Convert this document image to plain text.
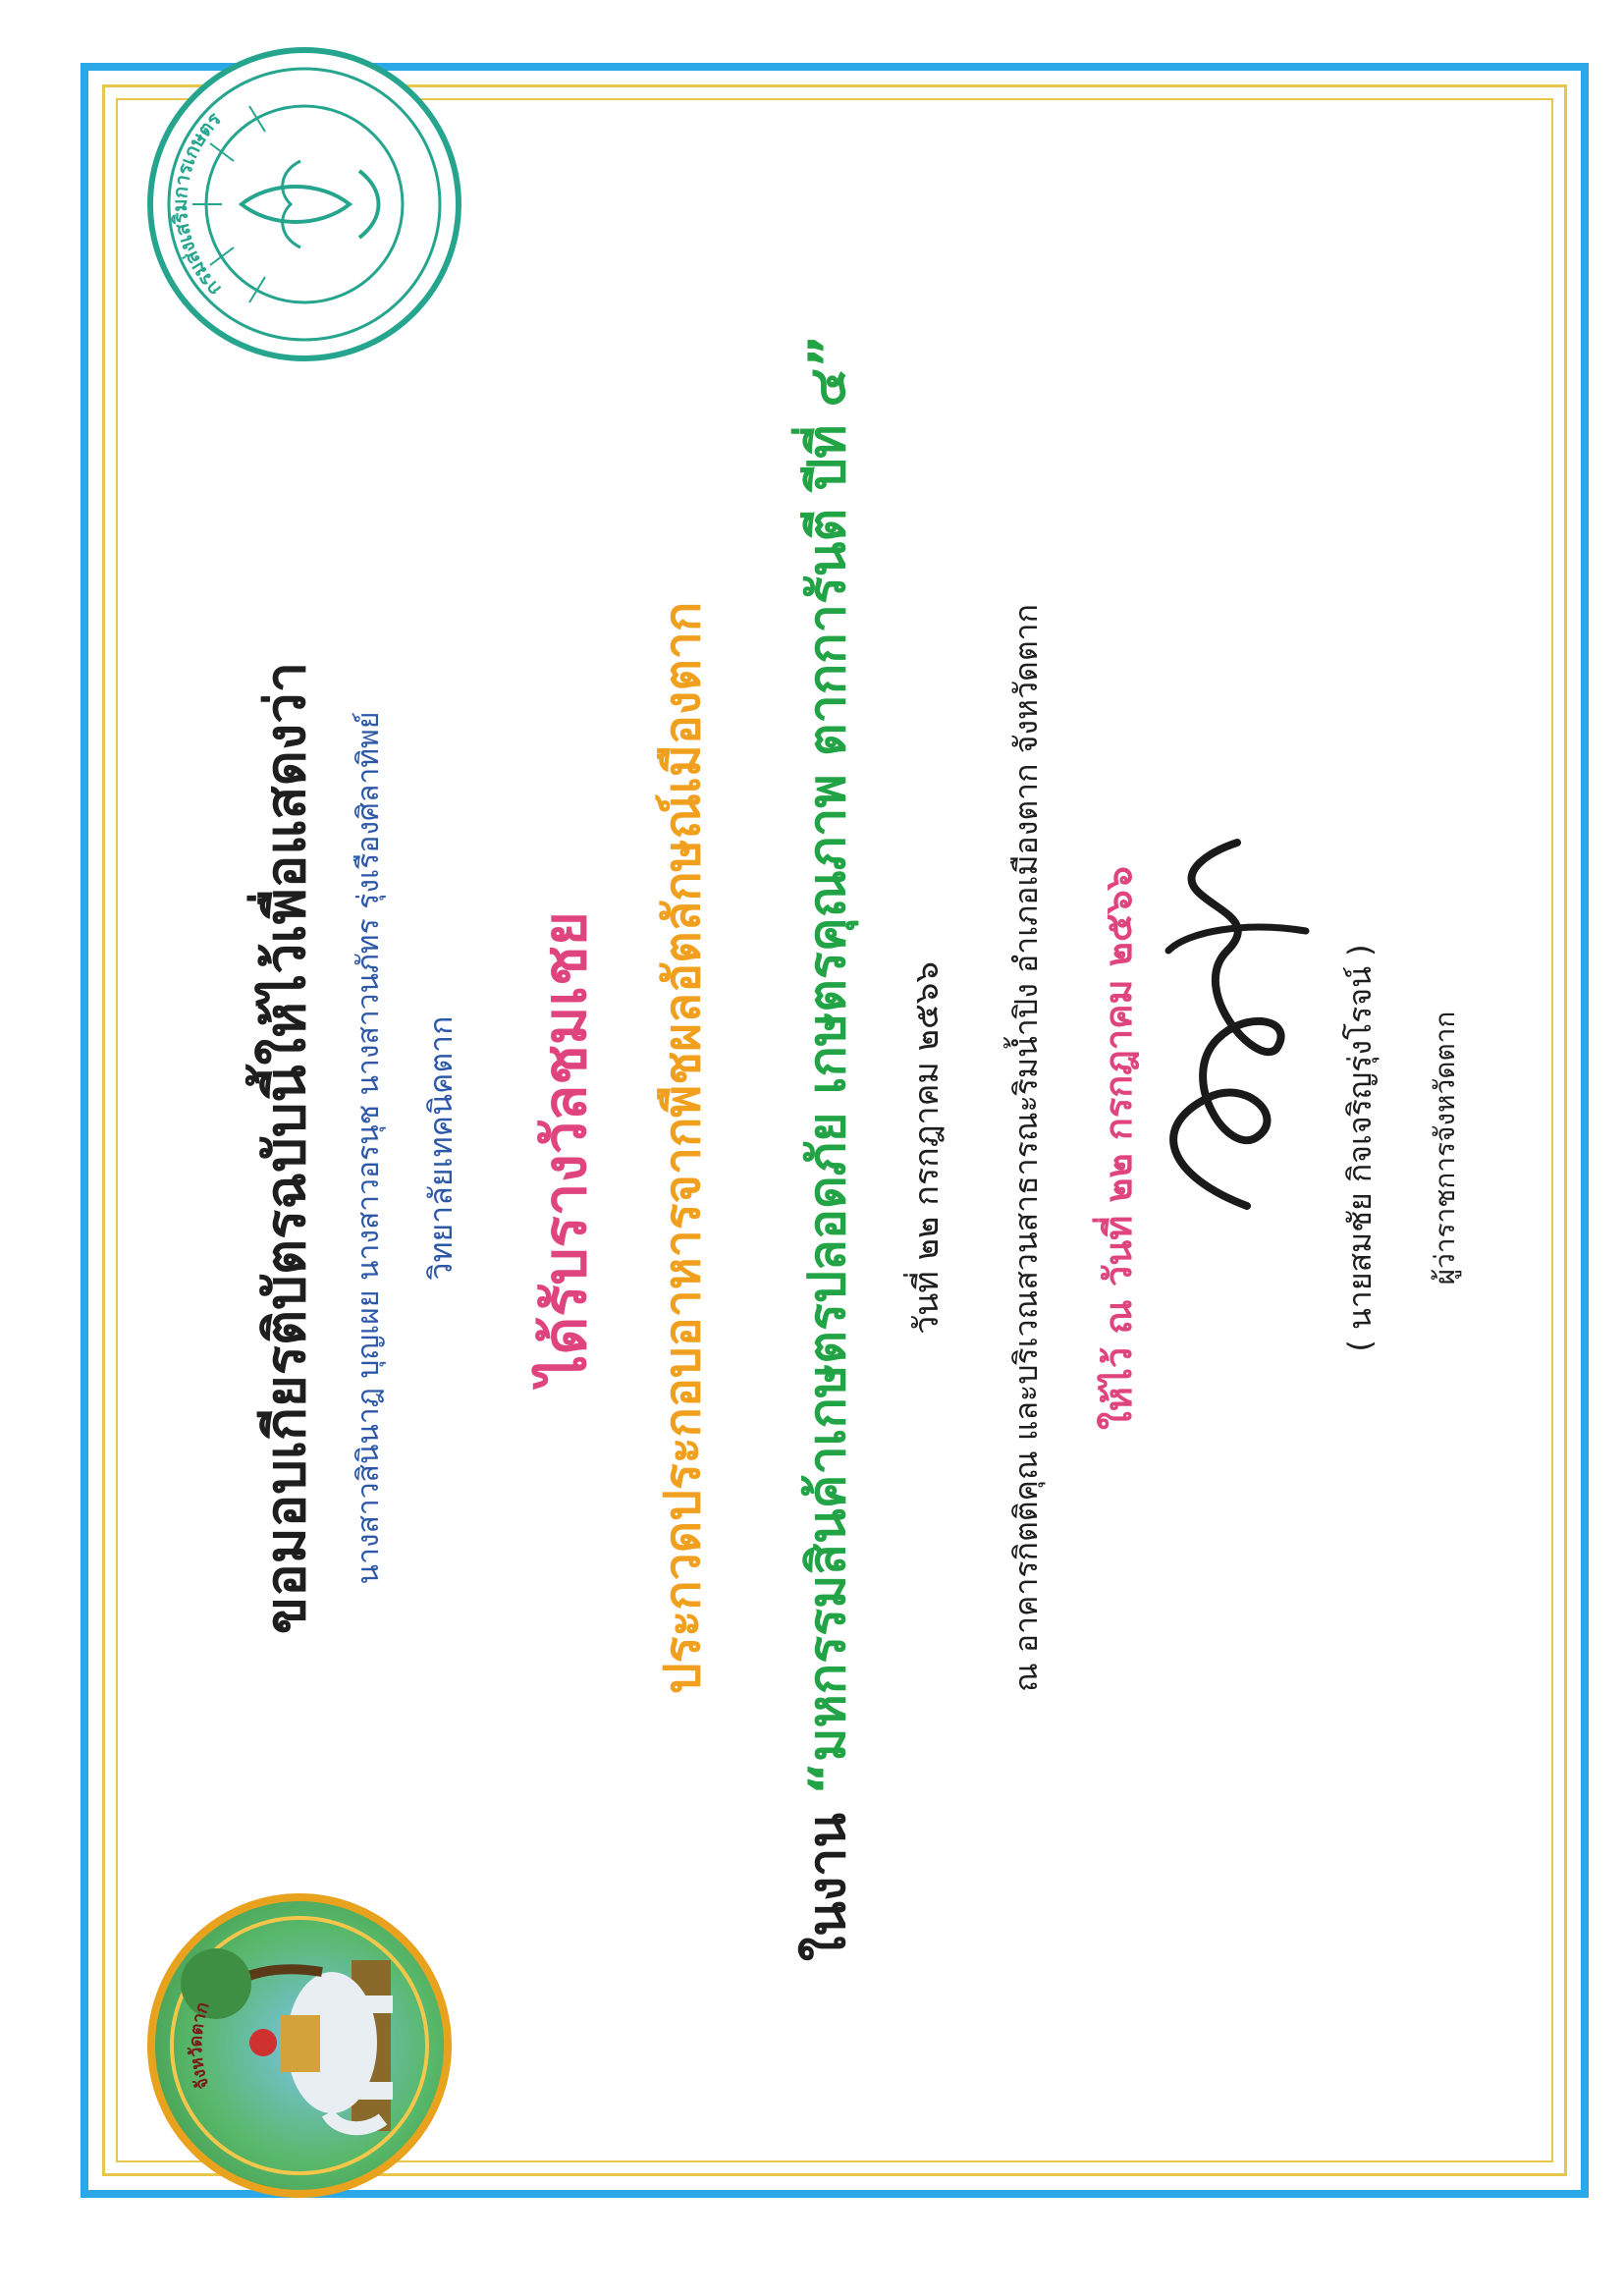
กรมส่งเสริมการเกษตร
จังหวัดตาก
ขอมอบเกียรติบัตรฉบับนี้ให้ไว้เพื่อแสดงว่า	นางสาวสินินาฎ บุญเผย นางสาวอรนุช นางสาวนภัทร รุ่งเรืองศิลาทิพย์ วิทยาลัยเทคนิคตาก ได้รับรางวัลชมเชย ประกวดประกอบอาหารจากพืชผลอัตลักษณ์เมืองตาก
ในงาน “มหกรรมสินค้าเกษตรปลอดภัย เกษตรคุณภาพ ตากการันตี ปีที่ ๔” วันที่ ๒๒ กรกฎาคม ๒๕๖๖ ณ อาคารกิตติคุณ และบริเวณสวนสาธารณะริมน้ำปิง อำเภอเมืองตาก จังหวัดตาก ให้ไว้ ณ วันที่ ๒๒ กรกฎาคม ๒๕๖๖	( นายสมชัย กิจเจริญรุ่งโรจน์ ) ผู้ว่าราชการจังหวัดตาก
